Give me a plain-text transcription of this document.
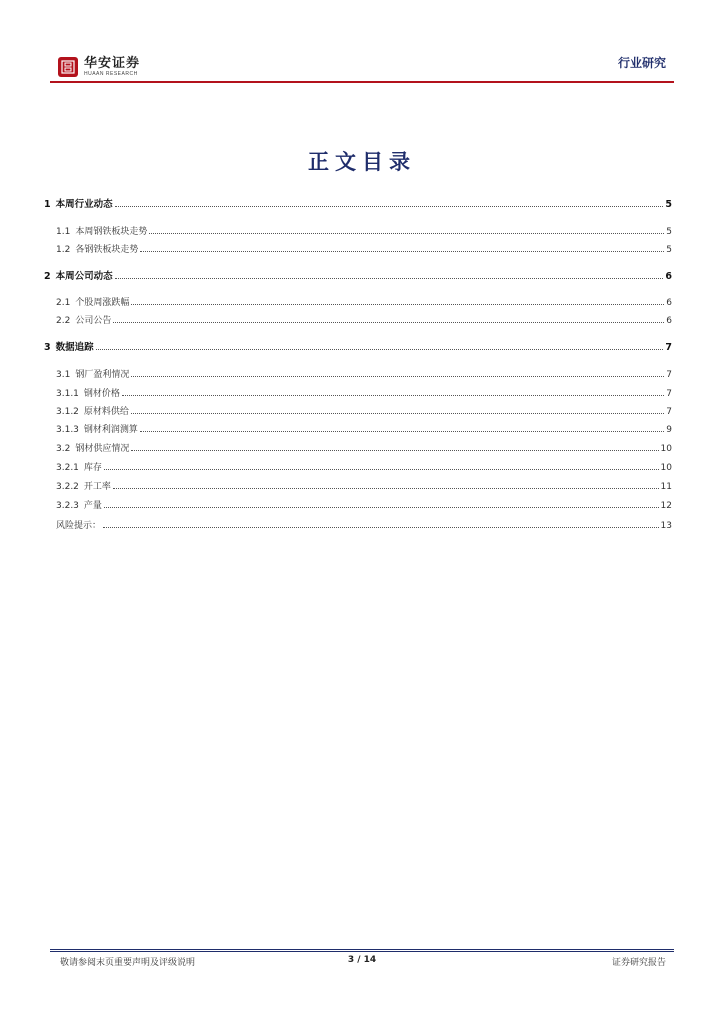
华安证券
HUAAN RESEARCH
行业研究
正文目录
1 本周行业动态	5
1.1 本周钢铁板块走势	5
1.2 各钢铁板块走势	5
2 本周公司动态	6
2.1 个股周涨跌幅	6
2.2 公司公告	6
3 数据追踪	7
3.1 钢厂盈利情况	7
3.1.1 钢材价格	7
3.1.2 原材料供给	7
3.1.3 钢材利润测算	9
3.2 钢材供应情况	10
3.2.1 库存	10
3.2.2 开工率	11
3.2.3 产量	12
风险提示：	13
敬请参阅末页重要声明及评级说明	3 / 14	证券研究报告
